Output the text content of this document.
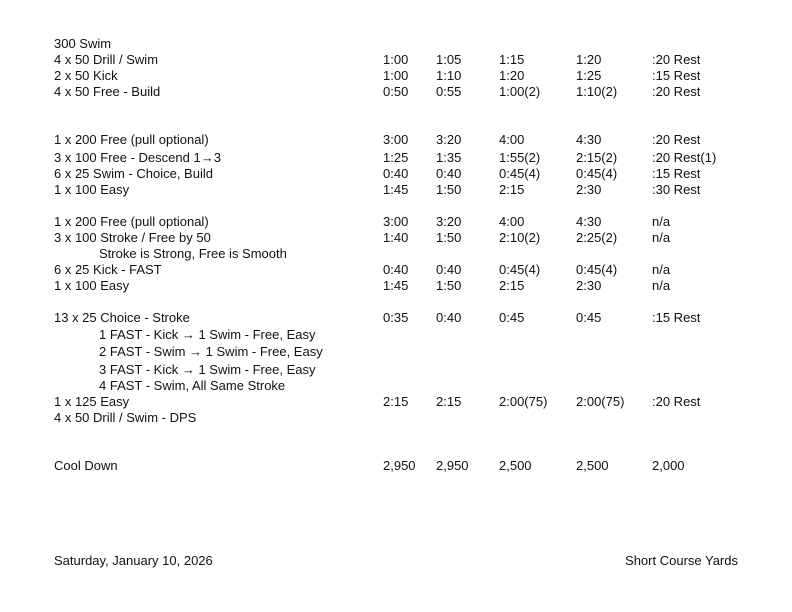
300 Swim
4 x 50 Drill / Swim	1:00 1:05	1:15	1:20	:20 Rest
2 x 50 Kick	1:00 1:10	1:20	1:25	:15 Rest
4 x 50 Free - Build	0:50 0:55	1:00(2)	1:10(2)	:20 Rest
1 x 200 Free (pull optional)	3:00 3:20	4:00	4:30	:20 Rest
3 x 100 Free - Descend 1→3	1:25 1:35	1:55(2)	2:15(2)	:20 Rest(1)
6 x 25 Swim - Choice, Build	0:40 0:40	0:45(4)	0:45(4)	:15 Rest
1 x 100 Easy	1:45 1:50	2:15	2:30	:30 Rest
1 x 200 Free (pull optional)	3:00 3:20	4:00	4:30	n/a
3 x 100 Stroke / Free by 50	1:40 1:50	2:10(2)	2:25(2)	n/a
Stroke is Strong, Free is Smooth
6 x 25 Kick - FAST	0:40 0:40	0:45(4)	0:45(4)	n/a
1 x 100 Easy	1:45 1:50	2:15	2:30	n/a
13 x 25 Choice - Stroke	0:35 0:40	0:45	0:45	:15 Rest
1 FAST - Kick → 1 Swim - Free, Easy
2 FAST - Swim → 1 Swim - Free, Easy
3 FAST - Kick → 1 Swim - Free, Easy
4 FAST - Swim, All Same Stroke
1 x 125 Easy	2:15 2:15	2:00(75) 2:00(75) :20 Rest
4 x 50 Drill / Swim - DPS
Cool Down	2,950 2,950 2,500	2,500	2,000
Saturday, January 10, 2026	Short Course Yards
